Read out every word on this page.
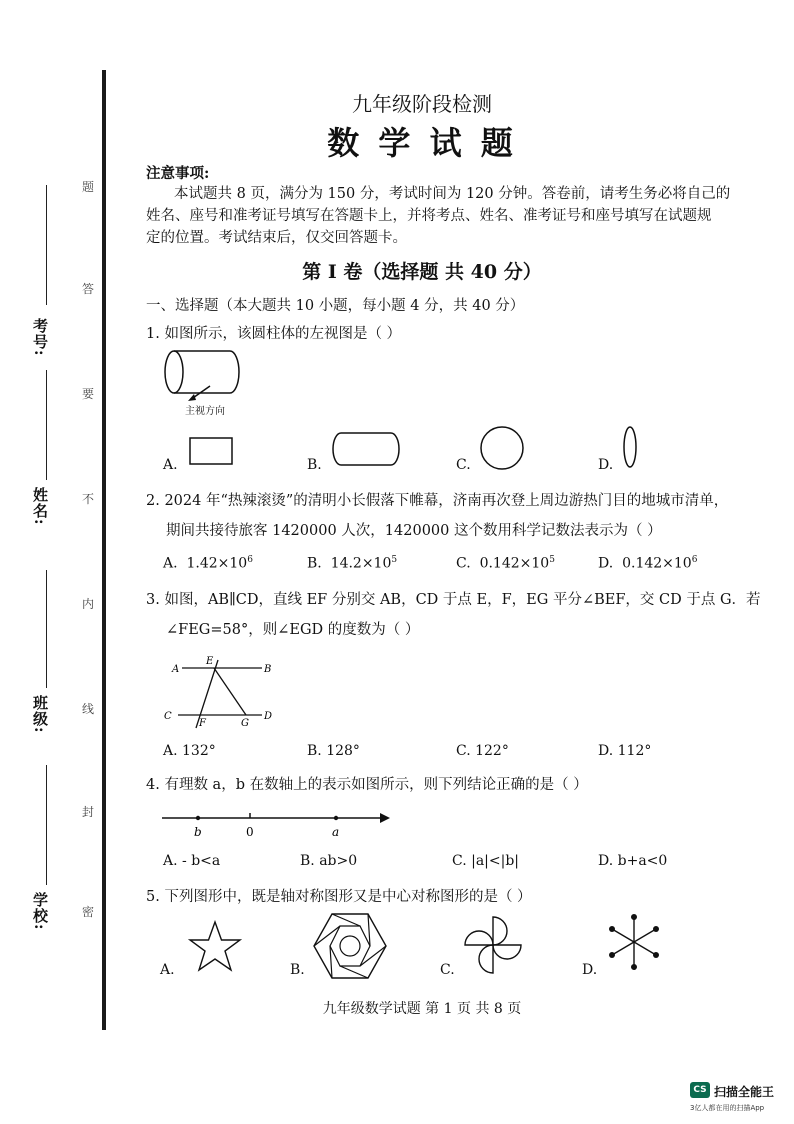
考号:
姓名:
班级:
学校:
题
答
要
不
内
线
封
密
九年级阶段检测
数 学 试 题
注意事项:
本试题共 8 页，满分为 150 分，考试时间为 120 分钟。答卷前，请考生务必将自己的
姓名、座号和准考证号填写在答题卡上，并将考点、姓名、准考证号和座号填写在试题规
定的位置。考试结束后，仅交回答题卡。
第 I 卷（选择题 共 40 分）
一、选择题（本大题共 10 小题，每小题 4 分，共 40 分）
1. 如图所示，该圆柱体的左视图是（ ）
主视方向
A.	B.	C.	D.
2. 2024 年“热辣滚烫”的清明小长假落下帷幕，济南再次登上周边游热门目的地城市清单，
期间共接待旅客 1420000 人次，1420000 这个数用科学记数法表示为（ ）
A. $1.42\times 10^6$	B. $14.2\times 10^5$	C. $0.142\times 10^5$	D. $0.142\times 10^6$
3. 如图，AB∥CD，直线 EF 分别交 AB，CD 于点 E，F，EG 平分∠BEF，交 CD 于点 G．若
∠FEG=58°，则∠EGD 的度数为（ ）
A
E
B
C
F	G
D
A. 132°	B. 128°	C. 122°	D. 112°
4. 有理数 a，b 在数轴上的表示如图所示，则下列结论正确的是（ ）
b	0	a
A. - b<a	B. ab>0	C. |a|<|b|	D. b+a<0
5. 下列图形中，既是轴对称图形又是中心对称图形的是（ ）
A.	B.	C.	D.
九年级数学试题 第 1 页 共 8 页
CS 扫描全能王
3亿人都在用的扫描App
